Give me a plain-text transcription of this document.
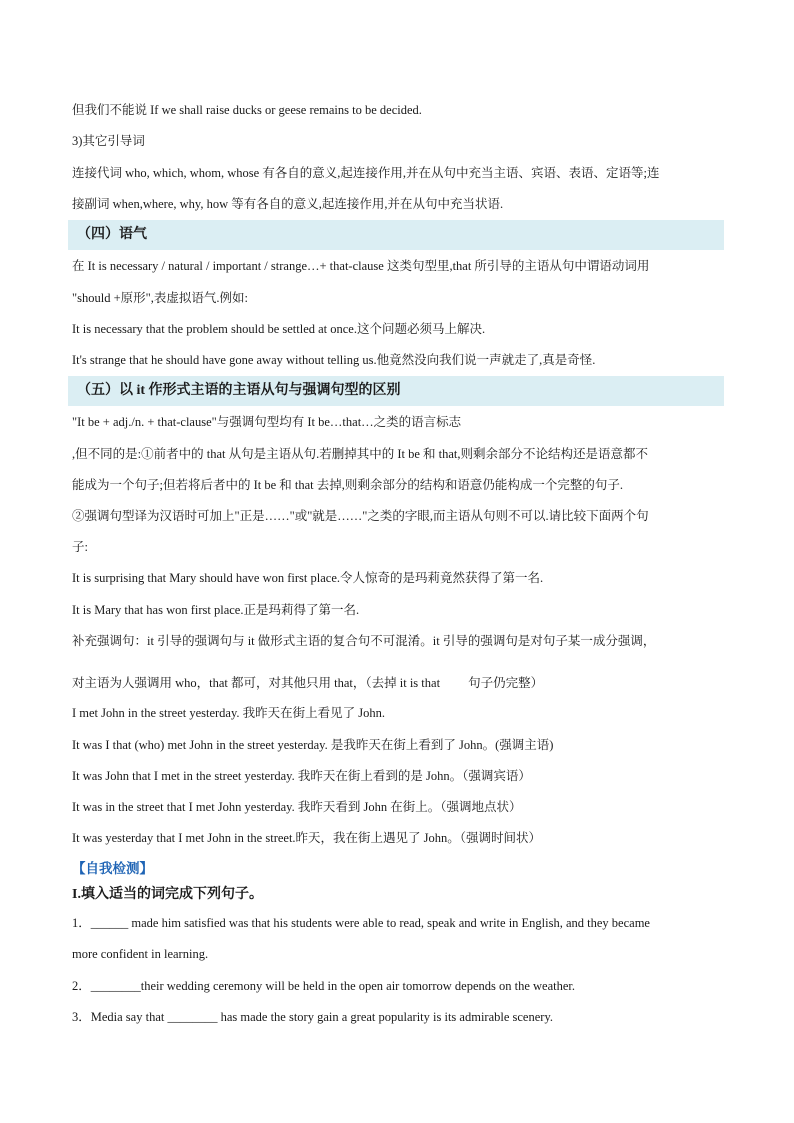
但我们不能说 If we shall raise ducks or geese remains to be decided.
3)其它引导词
连接代词 who, which, whom, whose 有各自的意义,起连接作用,并在从句中充当主语、宾语、表语、定语等;连
接副词 when,where, why, how 等有各自的意义,起连接作用,并在从句中充当状语.
（四）语气
在 It is necessary / natural / important / strange…+ that-clause 这类句型里,that 所引导的主语从句中谓语动词用
"should +原形",表虚拟语气.例如:
It is necessary that the problem should be settled at once.这个问题必须马上解决.
It's strange that he should have gone away without telling us.他竟然没向我们说一声就走了,真是奇怪.
（五）以 it 作形式主语的主语从句与强调句型的区别
"It be + adj./n. + that-clause"与强调句型均有 It be…that…之类的语言标志
,但不同的是:①前者中的 that 从句是主语从句.若删掉其中的 It be 和 that,则剩余部分不论结构还是语意都不
能成为一个句子;但若将后者中的 It be 和 that 去掉,则剩余部分的结构和语意仍能构成一个完整的句子.
②强调句型译为汉语时可加上"正是……"或"就是……"之类的字眼,而主语从句则不可以.请比较下面两个句
子:
It is surprising that Mary should have won first place.令人惊奇的是玛莉竟然获得了第一名.
It is Mary that has won first place.正是玛莉得了第一名.
补充强调句：it 引导的强调句与 it 做形式主语的复合句不可混淆。it 引导的强调句是对句子某一成分强调，
对主语为人强调用 who，that 都可，对其他只用 that，（去掉 it is that 　　句子仍完整）
I met John in the street yesterday. 我昨天在街上看见了 John.
It was I that (who) met John in the street yesterday. 是我昨天在街上看到了 John。(强调主语)
It was John that I met in the street yesterday. 我昨天在街上看到的是 John。（强调宾语）
It was in the street that I met John yesterday. 我昨天看到 John 在街上。（强调地点状）
It was yesterday that I met John in the street.昨天，我在街上遇见了 John。（强调时间状）
【自我检测】
I.填入适当的词完成下列句子。
1．______ made him satisfied was that his students were able to read, speak and write in English, and they became
more confident in learning.
2．________their wedding ceremony will be held in the open air tomorrow depends on the weather.
3．Media say that ________ has made the story gain a great popularity is its admirable scenery.
